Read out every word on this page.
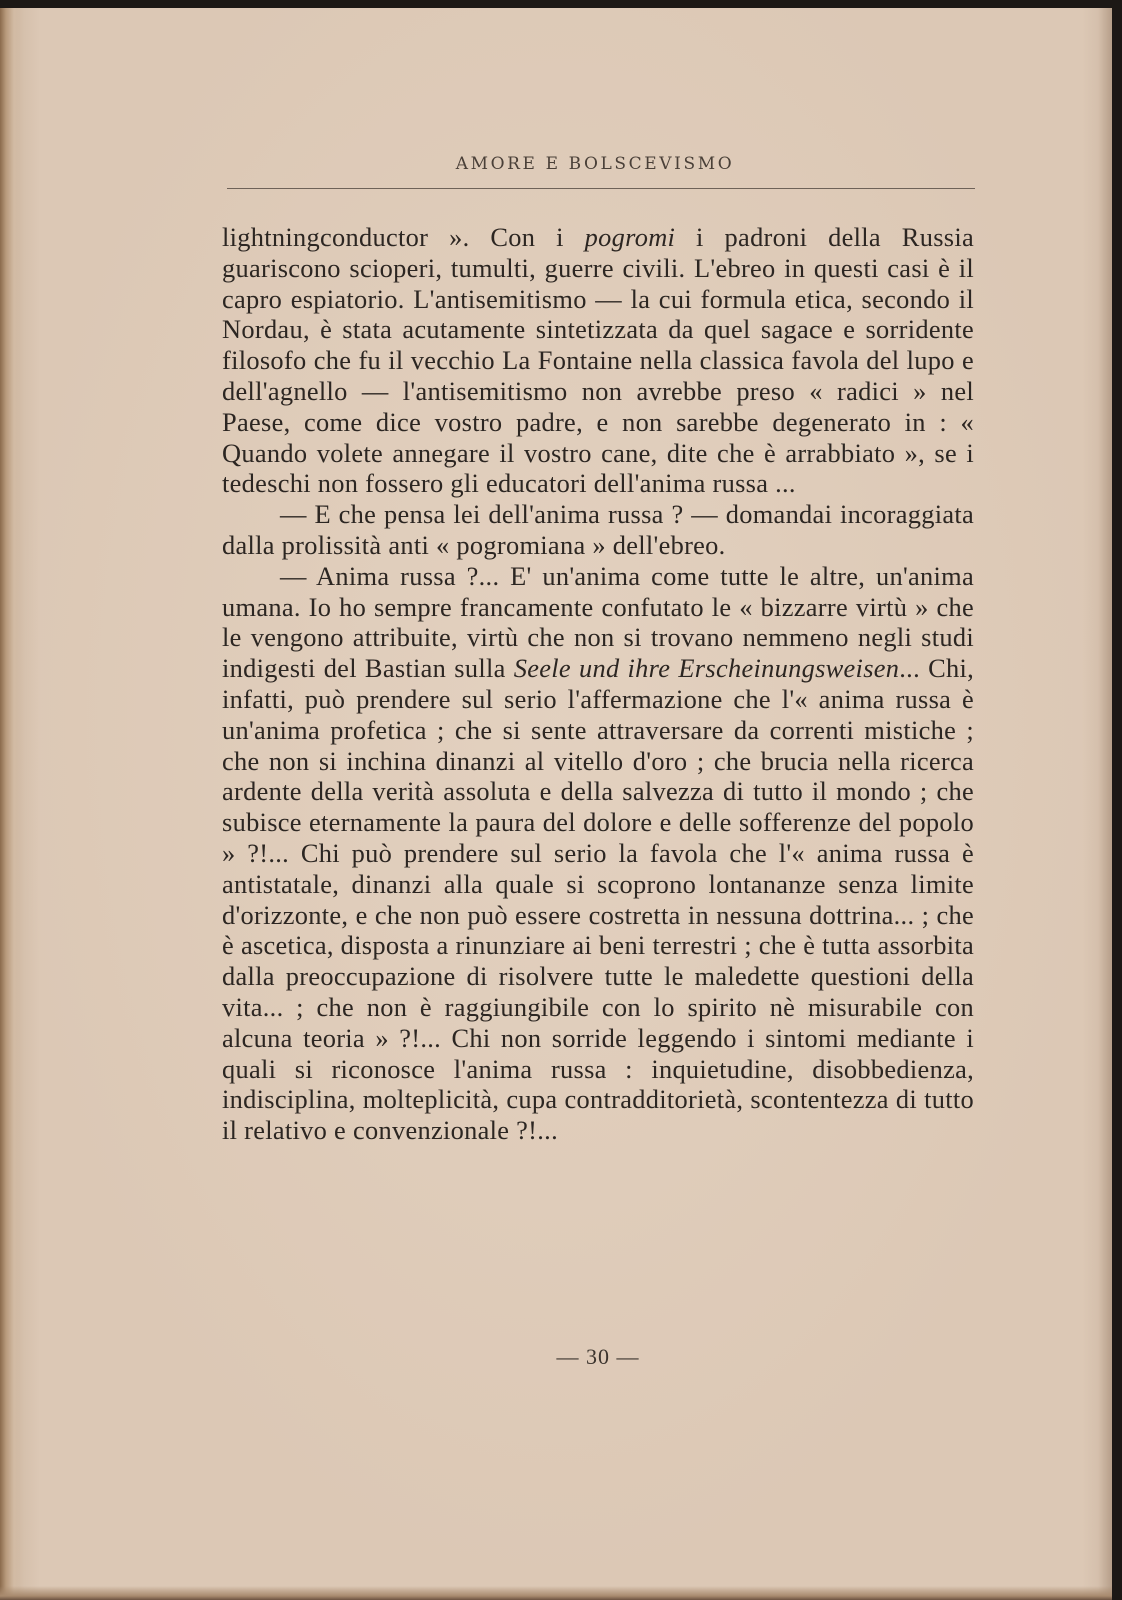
AMORE E BOLSCEVISMO

lightningconductor ». Con i pogromi i padroni della Russia guariscono scioperi, tumulti, guerre civili. L'ebreo in questi casi è il capro espiatorio. L'antisemitismo — la cui formula etica, secondo il Nordau, è stata acutamente sintetizzata da quel sagace e sorridente filosofo che fu il vecchio La Fontaine nella classica favola del lupo e dell'agnello — l'antisemitismo non avrebbe preso « radici » nel Paese, come dice vostro padre, e non sarebbe degenerato in : « Quando volete annegare il vostro cane, dite che è arrabbiato », se i tedeschi non fossero gli educatori dell'anima russa ...

— E che pensa lei dell'anima russa ? — domandai incoraggiata dalla prolissità anti « pogromiana » dell'ebreo.

— Anima russa ?... E' un'anima come tutte le altre, un'anima umana. Io ho sempre francamente confutato le « bizzarre virtù » che le vengono attribuite, virtù che non si trovano nemmeno negli studi indigesti del Bastian sulla Seele und ihre Erscheinungsweisen... Chi, infatti, può prendere sul serio l'affermazione che l'« anima russa è un'anima profetica ; che si sente attraversare da correnti mistiche ; che non si inchina dinanzi al vitello d'oro ; che brucia nella ricerca ardente della verità assoluta e della salvezza di tutto il mondo ; che subisce eternamente la paura del dolore e delle sofferenze del popolo » ?!... Chi può prendere sul serio la favola che l'« anima russa è antistatale, dinanzi alla quale si scoprono lontananze senza limite d'orizzonte, e che non può essere costretta in nessuna dottrina... ; che è ascetica, disposta a rinunziare ai beni terrestri ; che è tutta assorbita dalla preoccupazione di risolvere tutte le maledette questioni della vita... ; che non è raggiungibile con lo spirito nè misurabile con alcuna teoria » ?!... Chi non sorride leggendo i sintomi mediante i quali si riconosce l'anima russa : inquietudine, disobbedienza, indisciplina, molteplicità, cupa contradditorietà, scontentezza di tutto il relativo e convenzionale ?!...

— 30 —
